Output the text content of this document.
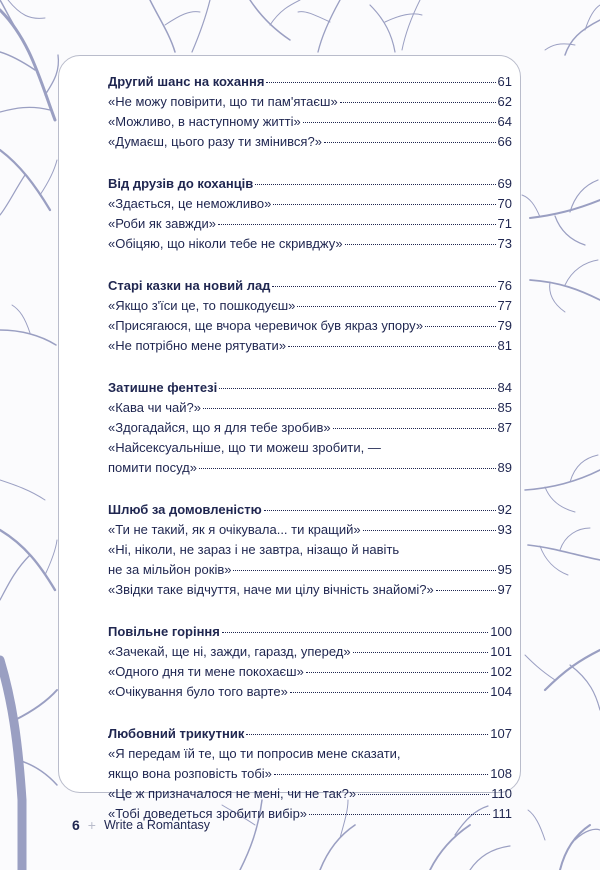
Другий шанс на кохання	61
«Не можу повірити, що ти пам'ятаєш»	62
«Можливо, в наступному житті»	64
«Думаєш, цього разу ти змінився?»	66
Від друзів до коханців	69
«Здається, це неможливо»	70
«Роби як завжди»	71
«Обіцяю, що ніколи тебе не скривджу»	73
Старі казки на новий лад	76
«Якщо з'їси це, то пошкодуєш»	77
«Присягаюся, ще вчора черевичок був якраз упору»	79
«Не потрібно мене рятувати»	81
Затишне фентезі	84
«Кава чи чай?»	85
«Здогадайся, що я для тебе зробив»	87
«Найсексуальніше, що ти можеш зробити, —
помити посуд»	89
Шлюб за домовленістю	92
«Ти не такий, як я очікувала... ти кращий»	93
«Ні, ніколи, не зараз і не завтра, нізащо й навіть
не за мільйон років»	95
«Звідки таке відчуття, наче ми цілу вічність знайомі?»	97
Повільне горіння	100
«Зачекай, ще ні, зажди, гаразд, уперед»	101
«Одного дня ти мене покохаєш»	102
«Очікування було того варте»	104
Любовний трикутник	107
«Я передам їй те, що ти попросив мене сказати,
якщо вона розповість тобі»	108
«Це ж призначалося не мені, чи не так?»	110
«Тобі доведеться зробити вибір»	111
6 + Write a Romantasy
